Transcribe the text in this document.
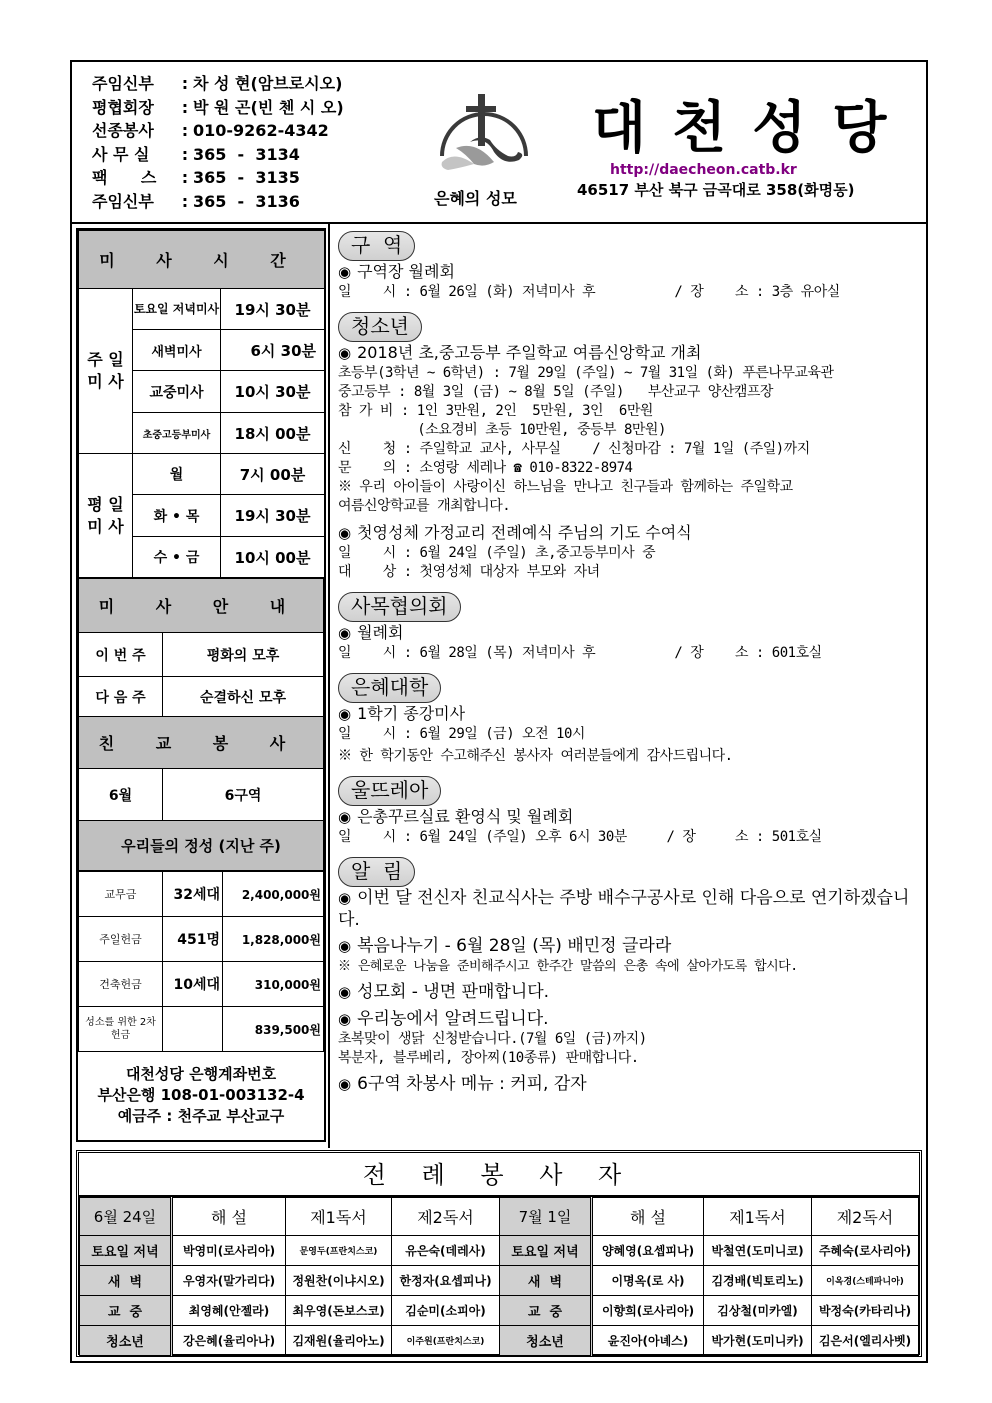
주임신부	: 차 성 현(암브로시오)
평협회장	: 박 원 곤(빈 첸 시 오)
선종봉사	: 010-9262-4342
사 무 실	: 365  -  3134
팩      스	: 365  -  3135
주임신부	: 365  -  3136	은혜의 성모
대천성당
http://daecheon.catb.kr
46517 부산 북구 금곡대로 358(화명동)
미 사 시 간		
주 일 미 사	토요일 저녁미사	19시 30분
	새벽미사	6시 30분
	교중미사	10시 30분
	초중고등부미사	18시 00분
평 일 미 사	월	7시 00분
	화 • 목	19시 30분
	수 • 금	10시 00분
미 사 안 내	
이 번 주	평화의 모후
다 음 주	순결하신 모후
친 교 봉 사	
6월	6구역
우리들의 정성 (지난 주)	
교무금	32세대	2,400,000원
주일헌금	451명	1,828,000원
건축헌금	10세대	310,000원
성소를 위한 2차헌금		839,500원
대천성당 은행계좌번호
부산은행 108-01-003132-4
예금주 : 천주교 부산교구
구  역
◉ 구역장 월례회
일    시 : 6월 26일 (화) 저녁미사 후          / 장    소 : 3층 유아실
청소년
◉ 2018년 초,중고등부 주일학교 여름신앙학교 개최
초등부(3학년 ~ 6학년) : 7월 29일 (주일) ~ 7월 31일 (화) 푸른나무교육관
중고등부 : 8월 3일 (금) ~ 8월 5일 (주일)   부산교구 양산캠프장
참 가 비 : 1인 3만원, 2인  5만원, 3인  6만원
(소요경비 초등 10만원, 중등부 8만원)
신    청 : 주일학교 교사, 사무실    / 신청마감 : 7월 1일 (주일)까지
문    의 : 소영랑 세레나 ☎ 010-8322-8974
※ 우리 아이들이 사랑이신 하느님을 만나고 친구들과 함께하는 주일학교
여름신앙학교를 개최합니다.
◉ 첫영성체 가정교리 전례예식 주님의 기도 수여식
일    시 : 6월 24일 (주일) 초,중고등부미사 중
대    상 : 첫영성체 대상자 부모와 자녀
사목협의회
◉ 월례회
일    시 : 6월 28일 (목) 저녁미사 후          / 장    소 : 601호실
은혜대학
◉ 1학기 종강미사
일    시 : 6월 29일 (금) 오전 10시
※ 한 학기동안 수고해주신 봉사자 여러분들에게 감사드립니다.
울뜨레아
◉ 은총꾸르실료 환영식 및 월례회
일    시 : 6월 24일 (주일) 오후 6시 30분     / 장     소 : 501호실
알  림
◉ 이번 달 전신자 친교식사는 주방 배수구공사로 인해 다음으로 연기하겠습니다.
◉ 복음나누기 - 6월 28일 (목) 배민정 글라라
※ 은혜로운 나눔을 준비해주시고 한주간 말씀의 은총 속에 살아가도록 합시다.
◉ 성모회 - 냉면 판매합니다.
◉ 우리농에서 알려드립니다.
초복맞이 생닭 신청받습니다.(7월 6일 (금)까지)
복분자, 블루베리, 장아찌(10종류) 판매합니다.
◉ 6구역 차봉사 메뉴 : 커피, 감자
전 례 봉 사 자
6월 24일	해 설	제1독서	제2독서	7월 1일	해 설	제1독서	제2독서
토요일 저녁	박영미(로사리아)	문영두(프란치스코)	유은숙(데레사)	토요일 저녁	양혜영(요셉피나)	박철연(도미니코)	주혜숙(로사리아)
새  벽	우영자(말가리다)	정원찬(이냐시오)	한정자(요셉피나)	새  벽	이명옥(로 사)	김경배(빅토리노)	이옥경(스테파니아)
교  중	최영혜(안젤라)	최우영(돈보스코)	김순미(소피아)	교  중	이향희(로사리아)	김상철(미카엘)	박정숙(카타리나)
청소년	강은혜(율리아나)	김재원(율리아노)	이주원(프란치스코)	청소년	윤진아(아녜스)	박가현(도미니카)	김은서(엘리사벳)
